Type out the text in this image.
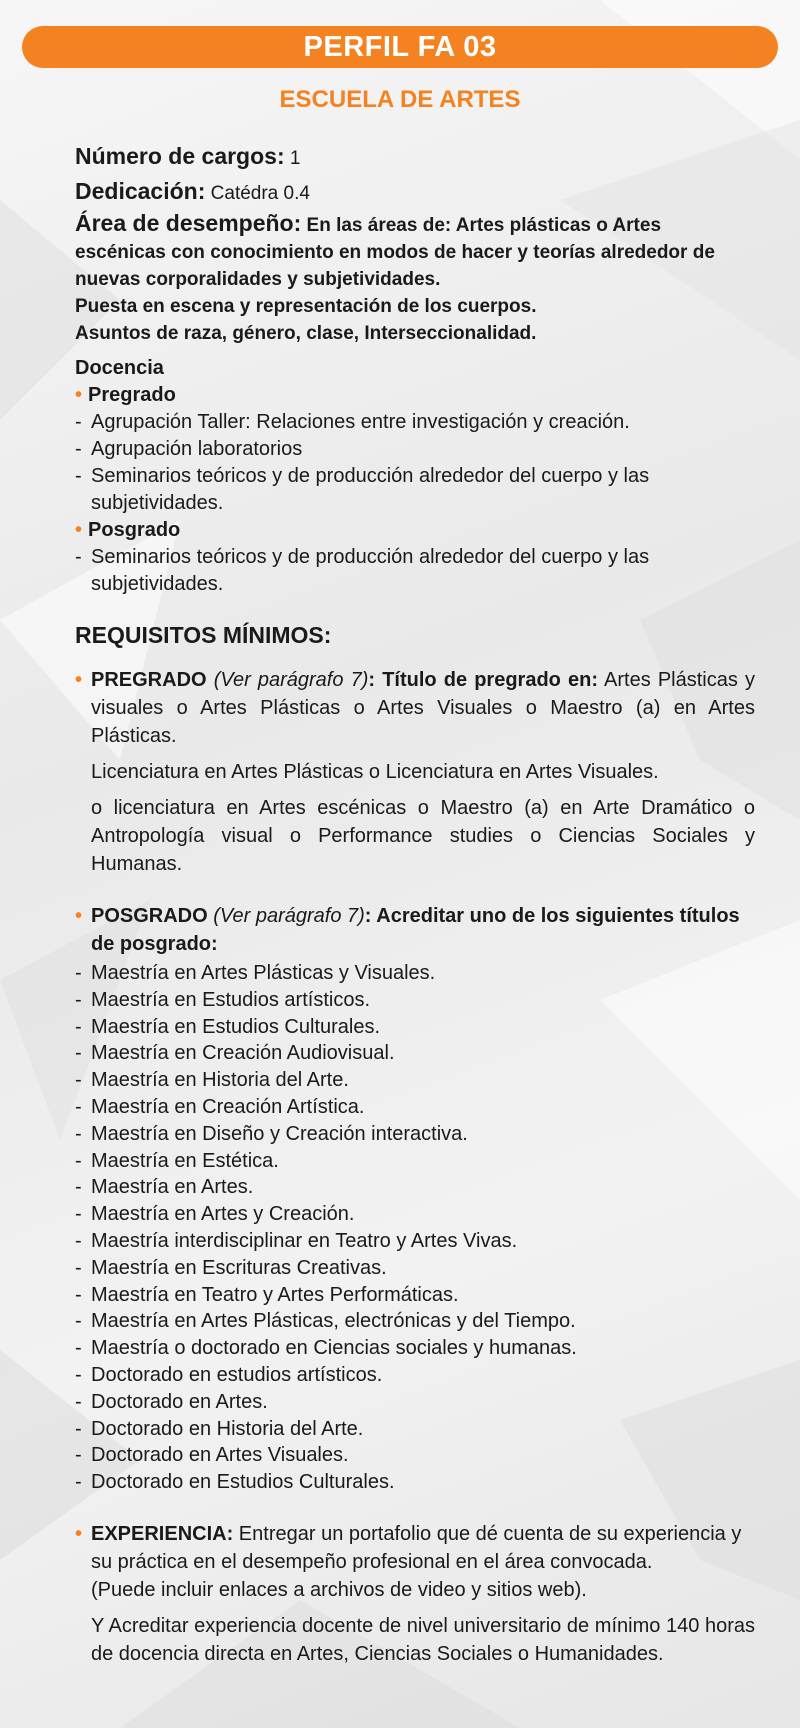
PERFIL FA 03
ESCUELA DE ARTES
Número de cargos: 1
Dedicación: Catédra 0.4
Área de desempeño: En las áreas de: Artes plásticas o Artes escénicas con conocimiento en modos de hacer y teorías alrededor de nuevas corporalidades y subjetividades.
Puesta en escena y representación de los cuerpos.
Asuntos de raza, género, clase, Interseccionalidad.
Docencia
• Pregrado
- Agrupación Taller: Relaciones entre investigación y creación.
- Agrupación laboratorios
- Seminarios teóricos y de producción alrededor del cuerpo y las subjetividades.
• Posgrado
- Seminarios teóricos y de producción alrededor del cuerpo y las subjetividades.
REQUISITOS MÍNIMOS:
• PREGRADO (Ver parágrafo 7): Título de pregrado en: Artes Plásticas y visuales o Artes Plásticas o Artes Visuales o Maestro (a) en Artes Plásticas.
Licenciatura en Artes Plásticas o Licenciatura en Artes Visuales.
o licenciatura en Artes escénicas o Maestro (a) en Arte Dramático o Antropología visual o Performance studies o Ciencias Sociales y Humanas.
• POSGRADO (Ver parágrafo 7): Acreditar uno de los siguientes títulos de posgrado:
- Maestría en Artes Plásticas y Visuales.
- Maestría en Estudios artísticos.
- Maestría en Estudios Culturales.
- Maestría en Creación Audiovisual.
- Maestría en Historia del Arte.
- Maestría en Creación Artística.
- Maestría en Diseño y Creación interactiva.
- Maestría en Estética.
- Maestría en Artes.
- Maestría en Artes y Creación.
- Maestría interdisciplinar en Teatro y Artes Vivas.
- Maestría en Escrituras Creativas.
- Maestría en Teatro y Artes Performáticas.
- Maestría en Artes Plásticas, electrónicas y del Tiempo.
- Maestría o doctorado en Ciencias sociales y humanas.
- Doctorado en estudios artísticos.
- Doctorado en Artes.
- Doctorado en Historia del Arte.
- Doctorado en Artes Visuales.
- Doctorado en Estudios Culturales.
• EXPERIENCIA: Entregar un portafolio que dé cuenta de su experiencia y su práctica en el desempeño profesional en el área convocada.
(Puede incluir enlaces a archivos de video y sitios web).
Y Acreditar experiencia docente de nivel universitario de mínimo 140 horas de docencia directa en Artes, Ciencias Sociales o Humanidades.
